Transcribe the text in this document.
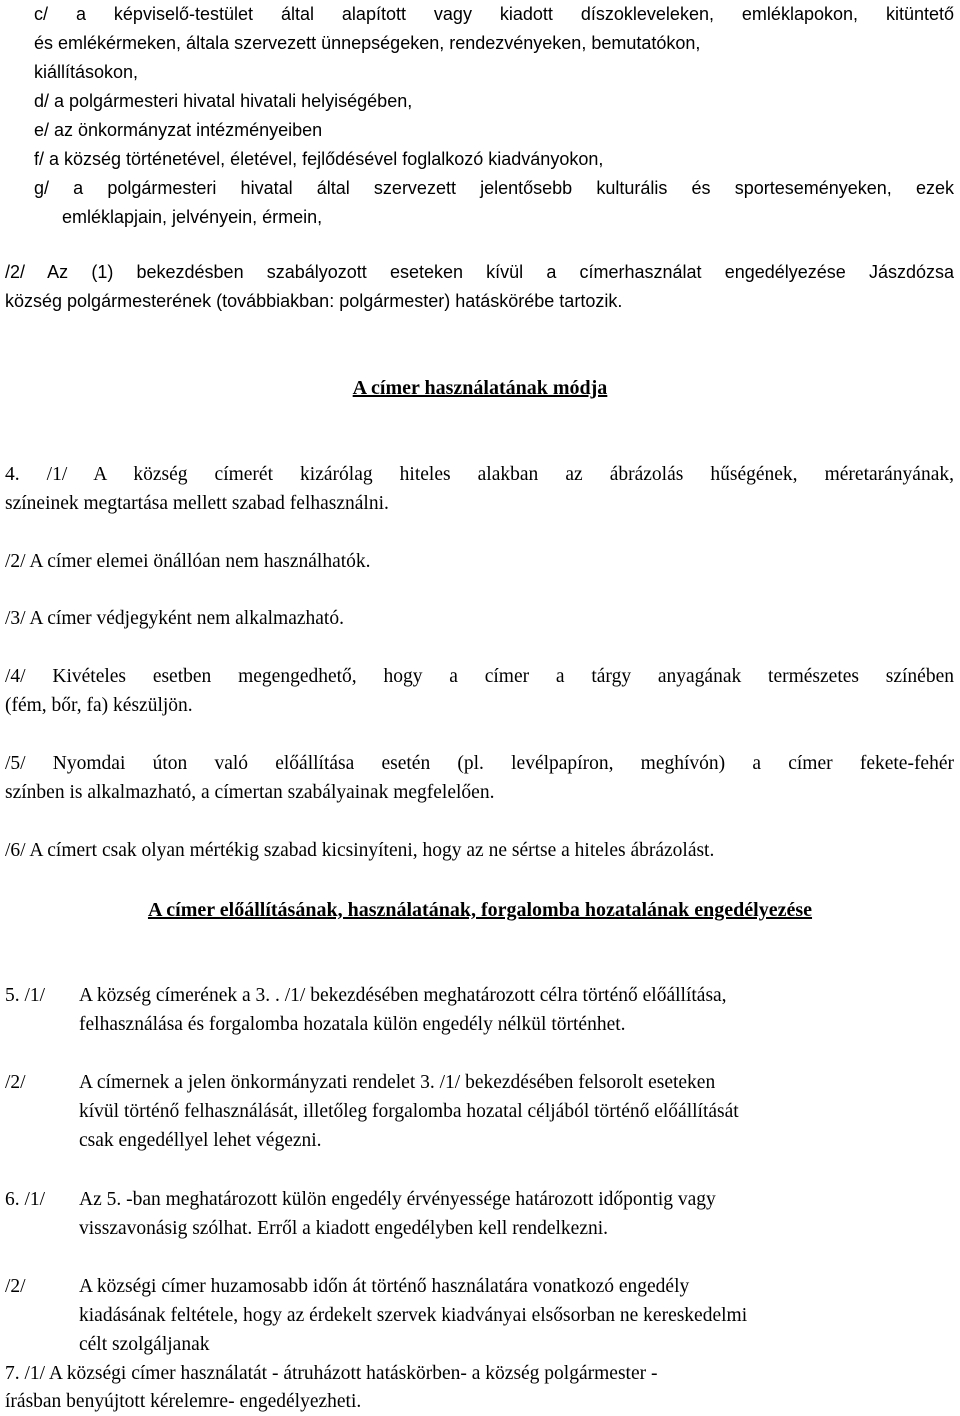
c/ a képviselő-testület által alapított vagy kiadott díszokleveleken, emléklapokon, kitüntető
és emlékérmeken, általa szervezett ünnepségeken, rendezvényeken, bemutatókon,
kiállításokon,
d/ a polgármesteri hivatal hivatali helyiségében,
e/ az önkormányzat intézményeiben
f/ a község történetével, életével, fejlődésével foglalkozó kiadványokon,
g/ a polgármesteri hivatal által szervezett jelentősebb kulturális és sporteseményeken, ezek
emléklapjain, jelvényein, érmein,
/2/ Az (1) bekezdésben szabályozott eseteken kívül a címerhasználat engedélyezése Jászdózsa
község polgármesterének (továbbiakban: polgármester) hatáskörébe tartozik.
A címer használatának módja
4. /1/ A község címerét kizárólag hiteles alakban az ábrázolás hűségének, méretarányának,
színeinek megtartása mellett szabad felhasználni.
/2/ A címer elemei önállóan nem használhatók.
/3/ A címer védjegyként nem alkalmazható.
/4/ Kivételes esetben megengedhető, hogy a címer a tárgy anyagának természetes színében
(fém, bőr, fa) készüljön.
/5/ Nyomdai úton való előállítása esetén (pl. levélpapíron, meghívón) a címer fekete-fehér
színben is alkalmazható, a címertan szabályainak megfelelően.
/6/ A címert csak olyan mértékig szabad kicsinyíteni, hogy az ne sértse a hiteles ábrázolást.
A címer előállításának, használatának, forgalomba hozatalának engedélyezése
5. /1/ A község címerének a 3. . /1/ bekezdésében meghatározott célra történő előállítása,
felhasználása és forgalomba hozatala külön engedély nélkül történhet.
/2/	A címernek a jelen önkormányzati rendelet 3. /1/ bekezdésében felsorolt eseteken
kívül történő felhasználását, illetőleg forgalomba hozatal céljából történő előállítását
csak engedéllyel lehet végezni.
6. /1/ Az 5. -ban meghatározott külön engedély érvényessége határozott időpontig vagy
visszavonásig szólhat. Erről a kiadott engedélyben kell rendelkezni.
/2/	A községi címer huzamosabb időn át történő használatára vonatkozó engedély
kiadásának feltétele, hogy az érdekelt szervek kiadványai elsősorban ne kereskedelmi
célt szolgáljanak
7. /1/ A községi címer használatát - átruházott hatáskörben- a község polgármester -
írásban benyújtott kérelemre- engedélyezheti.
